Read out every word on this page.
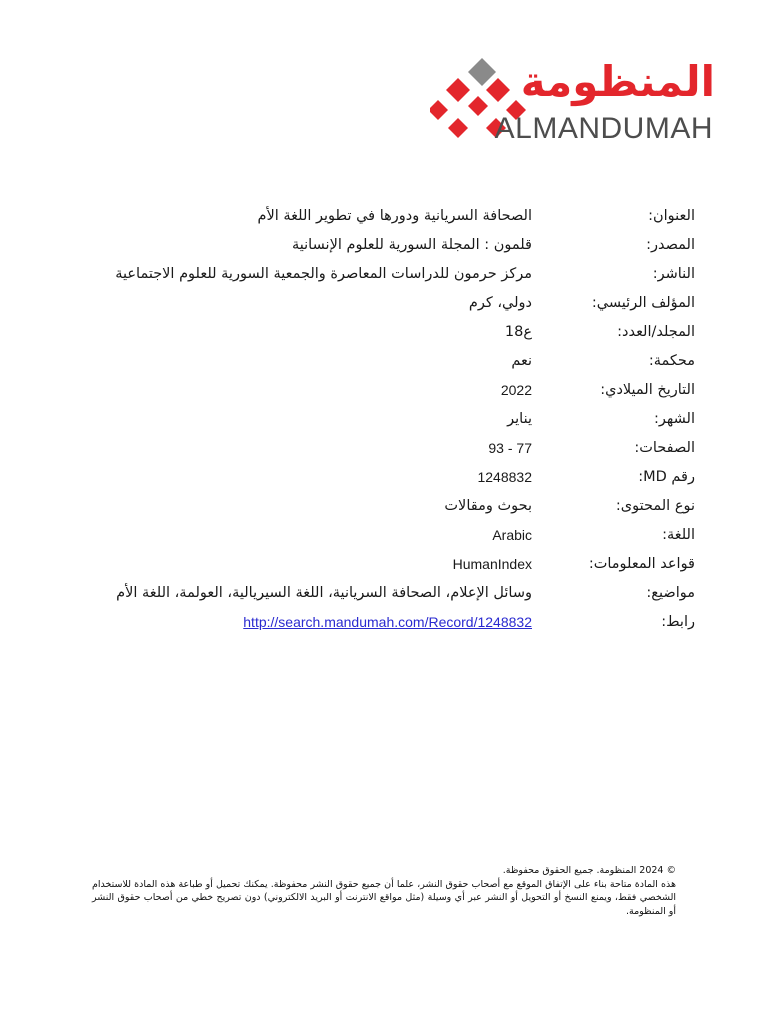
المنظومة
ALMANDUMAH
العنوان:
الصحافة السريانية ودورها في تطوير اللغة الأم
المصدر:
قلمون : المجلة السورية للعلوم الإنسانية
الناشر:
مركز حرمون للدراسات المعاصرة والجمعية السورية للعلوم الاجتماعية
المؤلف الرئيسي:
دولي، كرم
المجلد/العدد:
ع18
محكمة:
نعم
التاريخ الميلادي:
2022
الشهر:
يناير
الصفحات:
77 - 93
رقم MD:
1248832
نوع المحتوى:
بحوث ومقالات
اللغة:
Arabic
قواعد المعلومات:
HumanIndex
مواضيع:
وسائل الإعلام، الصحافة السريانية، اللغة السيريالية، العولمة، اللغة الأم
رابط:
http://search.mandumah.com/Record/1248832

© 2024 المنظومة. جميع الحقوق محفوظة.

هذه المادة متاحة بناء على الإتفاق الموقع مع أصحاب حقوق النشر، علما أن جميع حقوق النشر محفوظة. يمكنك تحميل أو طباعة هذه المادة للاستخدام الشخصي فقط، ويمنع النسخ أو التحويل أو النشر عبر أي وسيلة (مثل مواقع الانترنت أو البريد الالكتروني) دون تصريح خطي من أصحاب حقوق النشر أو المنظومة.
